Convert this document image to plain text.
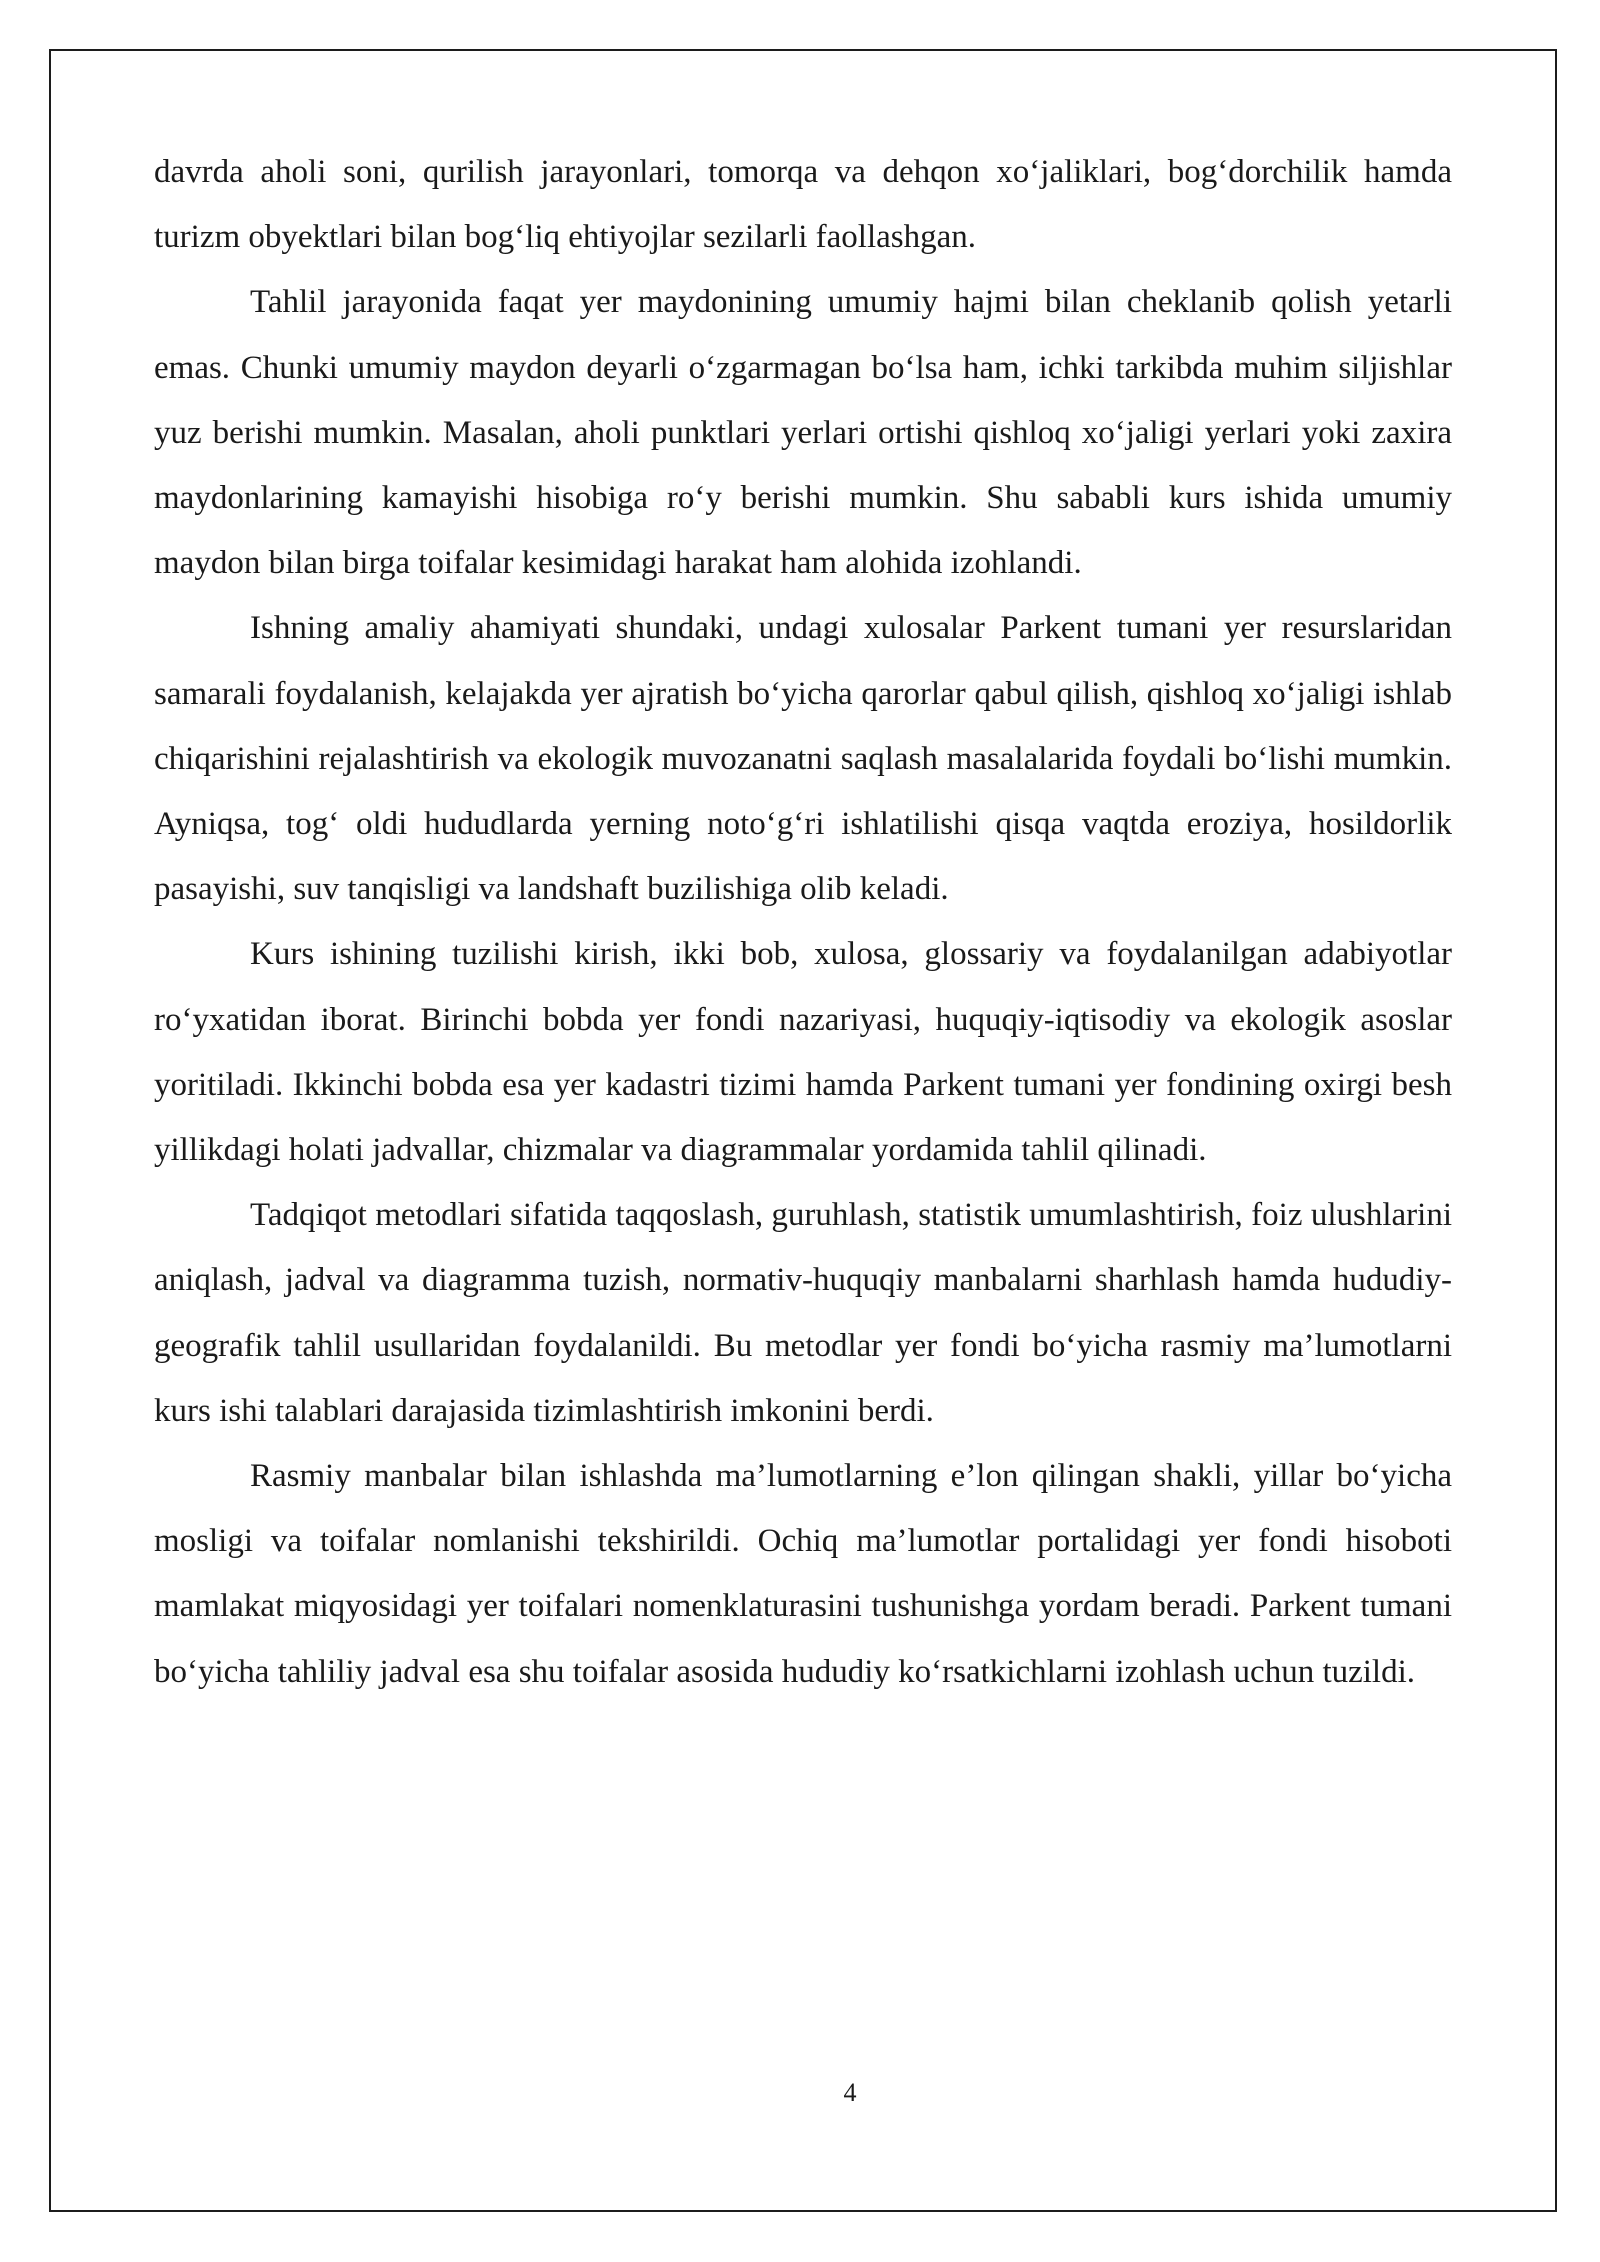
davrda aholi soni, qurilish jarayonlari, tomorqa va dehqon xo‘jaliklari, bog‘dorchilik hamda turizm obyektlari bilan bog‘liq ehtiyojlar sezilarli faollashgan.

Tahlil jarayonida faqat yer maydonining umumiy hajmi bilan cheklanib qolish yetarli emas. Chunki umumiy maydon deyarli o‘zgarmagan bo‘lsa ham, ichki tarkibda muhim siljishlar yuz berishi mumkin. Masalan, aholi punktlari yerlari ortishi qishloq xo‘jaligi yerlari yoki zaxira maydonlarining kamayishi hisobiga ro‘y berishi mumkin. Shu sababli kurs ishida umumiy maydon bilan birga toifalar kesimidagi harakat ham alohida izohlandi.

Ishning amaliy ahamiyati shundaki, undagi xulosalar Parkent tumani yer resurslaridan samarali foydalanish, kelajakda yer ajratish bo‘yicha qarorlar qabul qilish, qishloq xo‘jaligi ishlab chiqarishini rejalashtirish va ekologik muvozanatni saqlash masalalarida foydali bo‘lishi mumkin. Ayniqsa, tog‘ oldi hududlarda yerning noto‘g‘ri ishlatilishi qisqa vaqtda eroziya, hosildorlik pasayishi, suv tanqisligi va landshaft buzilishiga olib keladi.

Kurs ishining tuzilishi kirish, ikki bob, xulosa, glossariy va foydalanilgan adabiyotlar ro‘yxatidan iborat. Birinchi bobda yer fondi nazariyasi, huquqiy-iqtisodiy va ekologik asoslar yoritiladi. Ikkinchi bobda esa yer kadastri tizimi hamda Parkent tumani yer fondining oxirgi besh yillikdagi holati jadvallar, chizmalar va diagrammalar yordamida tahlil qilinadi.

Tadqiqot metodlari sifatida taqqoslash, guruhlash, statistik umumlashtirish, foiz ulushlarini aniqlash, jadval va diagramma tuzish, normativ-huquqiy manbalarni sharhlash hamda hududiy-geografik tahlil usullaridan foydalanildi. Bu metodlar yer fondi bo‘yicha rasmiy ma’lumotlarni kurs ishi talablari darajasida tizimlashtirish imkonini berdi.

Rasmiy manbalar bilan ishlashda ma’lumotlarning e’lon qilingan shakli, yillar bo‘yicha mosligi va toifalar nomlanishi tekshirildi. Ochiq ma’lumotlar portalidagi yer fondi hisoboti mamlakat miqyosidagi yer toifalari nomenklaturasini tushunishga yordam beradi. Parkent tumani bo‘yicha tahliliy jadval esa shu toifalar asosida hududiy ko‘rsatkichlarni izohlash uchun tuzildi.

4
